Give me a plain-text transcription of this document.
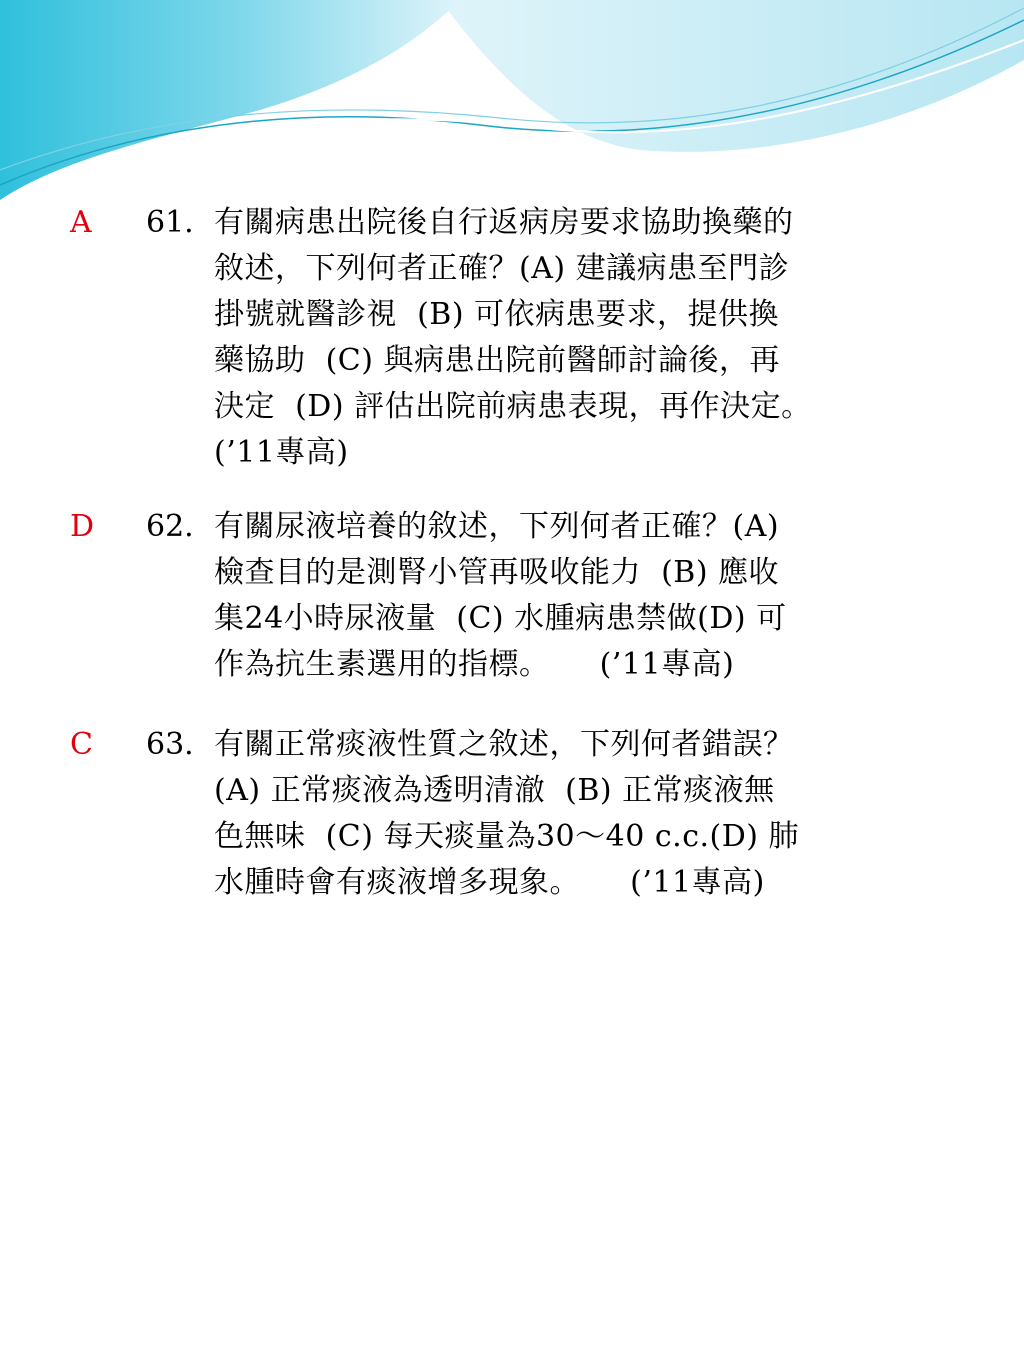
A 61. 有關病患出院後自行返病房要求協助換藥的
敘述，下列何者正確？(A) 建議病患至門診
掛號就醫診視  (B) 可依病患要求，提供換
藥協助  (C) 與病患出院前醫師討論後，再
決定  (D) 評估出院前病患表現，再作決定。
(’11專高)
D 62. 有關尿液培養的敘述，下列何者正確？(A)
檢查目的是測腎小管再吸收能力  (B) 應收
集24小時尿液量  (C) 水腫病患禁做(D) 可
作為抗生素選用的指標。     (’11專高)
C 63. 有關正常痰液性質之敘述，下列何者錯誤？
(A) 正常痰液為透明清澈  (B) 正常痰液無
色無味  (C) 每天痰量為30～40 c.c.(D) 肺
水腫時會有痰液增多現象。     (’11專高)
